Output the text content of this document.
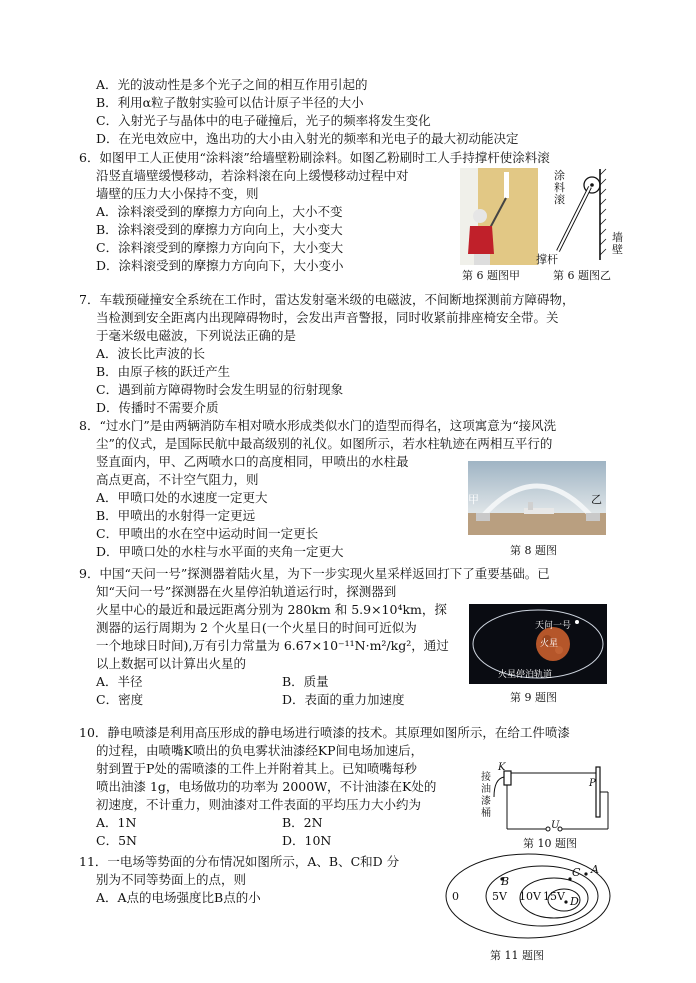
A．光的波动性是多个光子之间的相互作用引起的
B．利用α粒子散射实验可以估计原子半径的大小
C．入射光子与晶体中的电子碰撞后，光子的频率将发生变化
D．在光电效应中，逸出功的大小由入射光的频率和光电子的最大初动能决定
6．如图甲工人正使用“涂料滚”给墙壁粉刷涂料。如图乙粉刷时工人手持撑杆使涂料滚
沿竖直墙壁缓慢移动，若涂料滚在向上缓慢移动过程中对
墙壁的压力大小保持不变，则
A．涂料滚受到的摩擦力方向向上，大小不变
B．涂料滚受到的摩擦力方向向上，大小变大
C．涂料滚受到的摩擦力方向向下，大小变大
D．涂料滚受到的摩擦力方向向下，大小变小
第 6 题图甲
涂料滚
墙壁
撑杆
第 6 题图乙
7．车载预碰撞安全系统在工作时，雷达发射毫米级的电磁波，不间断地探测前方障碍物，
当检测到安全距离内出现障碍物时，会发出声音警报，同时收紧前排座椅安全带。关
于毫米级电磁波，下列说法正确的是
A．波长比声波的长
B．由原子核的跃迁产生
C．遇到前方障碍物时会发生明显的衍射现象
D．传播时不需要介质
8．“过水门”是由两辆消防车相对喷水形成类似水门的造型而得名，这项寓意为“接风洗
尘”的仪式，是国际民航中最高级别的礼仪。如图所示，若水柱轨迹在两相互平行的
竖直面内，甲、乙两喷水口的高度相同，甲喷出的水柱最
高点更高，不计空气阻力，则
A．甲喷口处的水速度一定更大
B．甲喷出的水射得一定更远
C．甲喷出的水在空中运动时间一定更长
D．甲喷口处的水柱与水平面的夹角一定更大
甲	乙
第 8 题图
9．中国“天问一号”探测器着陆火星，为下一步实现火星采样返回打下了重要基础。已
知“天问一号”探测器在火星停泊轨道运行时，探测器到
火星中心的最近和最远距离分别为 280km 和 5.9×10⁴km，探
测器的运行周期为 2 个火星日(一个火星日的时间可近似为
一个地球日时间),万有引力常量为 6.67×10⁻¹¹N·m²/kg²，通过
以上数据可以计算出火星的
A．半径	B．质量
C．密度	D．表面的重力加速度
天问一号
火星
火星停泊轨道
第 9 题图
10．静电喷漆是利用高压形成的静电场进行喷漆的技术。其原理如图所示，在给工件喷漆
的过程，由喷嘴K喷出的负电雾状油漆经KP间电场加速后，
射到置于P处的需喷漆的工件上并附着其上。已知喷嘴每秒
喷出油漆 1g，电场做功的功率为 2000W，不计油漆在K处的
初速度，不计重力，则油漆对工件表面的平均压力大小约为
A．1N	B．2N
C．5N	D．10N
K
P
U
接油漆桶
第 10 题图
11．一电场等势面的分布情况如图所示，A、B、C和D 分
别为不同等势面上的点，则
A．A点的电场强度比B点的小	0	5V 10V 15V
A
B
C
D
第 11 题图
